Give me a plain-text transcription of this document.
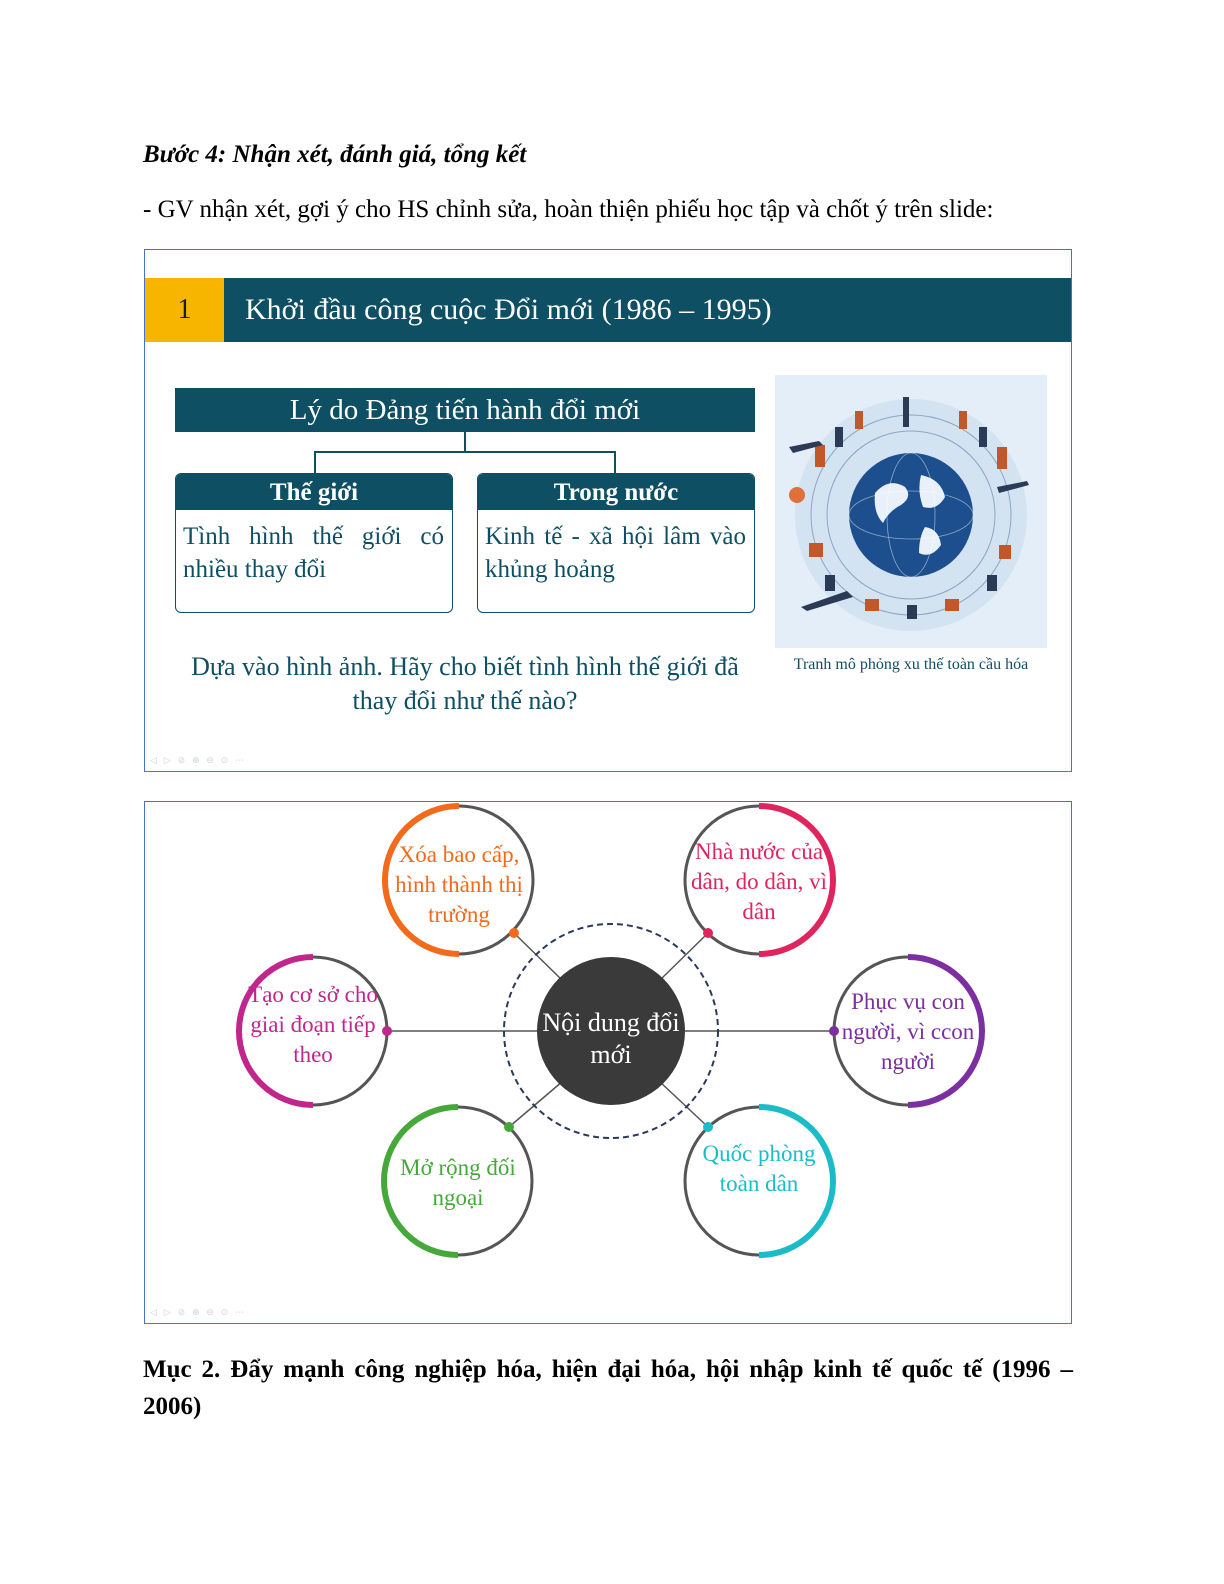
Bước 4: Nhận xét, đánh giá, tổng kết
- GV nhận xét, gợi ý cho HS chỉnh sửa, hoàn thiện phiếu học tập và chốt ý trên slide:
1	Khởi đầu công cuộc Đổi mới (1986 – 1995)
Lý do Đảng tiến hành đổi mới
Thế giới
Tình hình thế giới có nhiều thay đổi
Trong nước
Kinh tế - xã hội lâm vào khủng hoảng
Dựa vào hình ảnh. Hãy cho biết tình hình thế giới đã thay đổi như thế nào?
Tranh mô phỏng xu thế toàn cầu hóa
◁ ▷ ⊘ ⊕ ⊖ ⊙ ⋯
Nội dung đổi mới
Xóa bao cấp, hình thành thị trường
Nhà nước của dân, do dân, vì dân
Tạo cơ sở cho giai đoạn tiếp theo
Phục vụ con người, vì ccon người
Mở rộng đối ngoại
Quốc phòng toàn dân
◁ ▷ ⊘ ⊕ ⊖ ⊙ ⋯
Mục 2. Đẩy mạnh công nghiệp hóa, hiện đại hóa, hội nhập kinh tế quốc tế (1996 – 2006)
